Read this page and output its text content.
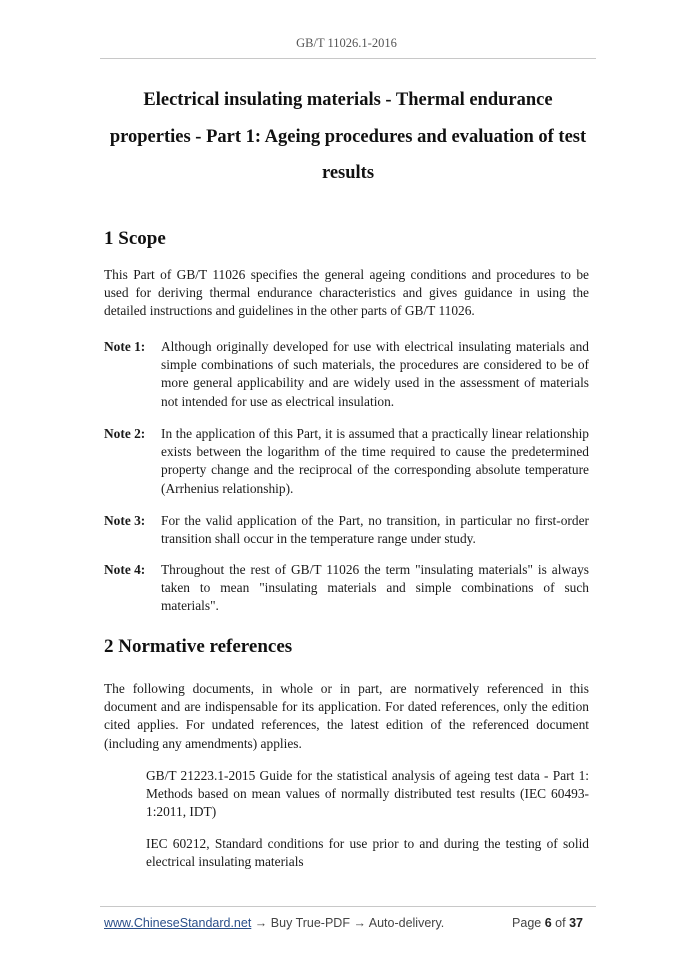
GB/T 11026.1-2016
Electrical insulating materials - Thermal endurance
properties - Part 1: Ageing procedures and evaluation of test
results
1 Scope

This Part of GB/T 11026 specifies the general ageing conditions and procedures to be used for deriving thermal endurance characteristics and gives guidance in using the detailed instructions and guidelines in the other parts of GB/T 11026.

Note 1: Although originally developed for use with electrical insulating materials and simple combinations of such materials, the procedures are considered to be of more general applicability and are widely used in the assessment of materials not intended for use as electrical insulation.
Note 2: In the application of this Part, it is assumed that a practically linear relationship exists between the logarithm of the time required to cause the predetermined property change and the reciprocal of the corresponding absolute temperature (Arrhenius relationship).
Note 3: For the valid application of the Part, no transition, in particular no first-order transition shall occur in the temperature range under study.
Note 4: Throughout the rest of GB/T 11026 the term "insulating materials" is always taken to mean "insulating materials and simple combinations of such materials".
2 Normative references

The following documents, in whole or in part, are normatively referenced in this document and are indispensable for its application. For dated references, only the edition cited applies. For undated references, the latest edition of the referenced document (including any amendments) applies.

GB/T 21223.1-2015 Guide for the statistical analysis of ageing test data - Part 1: Methods based on mean values of normally distributed test results (IEC 60493-1:2011, IDT)
IEC 60212, Standard conditions for use prior to and during the testing of solid electrical insulating materials
www.ChineseStandard.net → Buy True-PDF → Auto-delivery.	Page 6 of 37
